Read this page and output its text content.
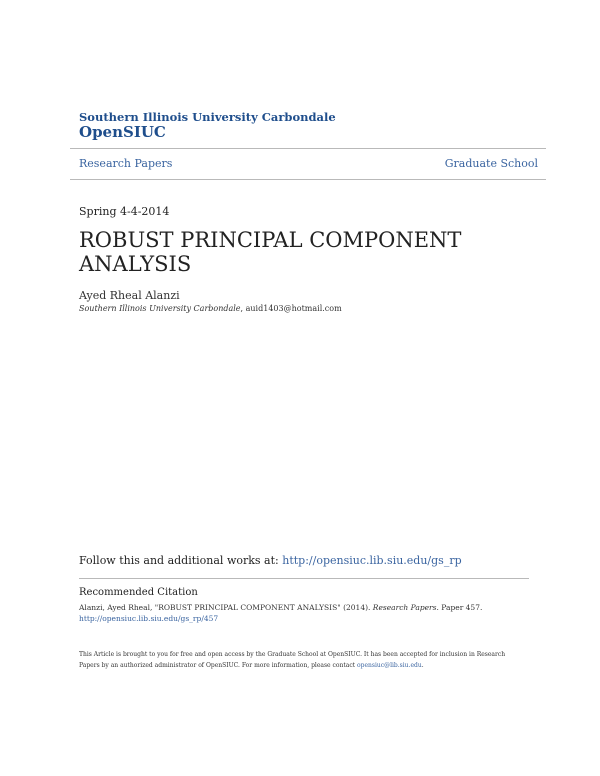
Southern Illinois University Carbondale
OpenSIUC
Research Papers	Graduate School
Spring 4-4-2014
ROBUST PRINCIPAL COMPONENT
ANALYSIS
Ayed Rheal Alanzi
Southern Illinois University Carbondale, auid1403@hotmail.com
Follow this and additional works at: http://opensiuc.lib.siu.edu/gs_rp
Recommended Citation
Alanzi, Ayed Rheal, "ROBUST PRINCIPAL COMPONENT ANALYSIS" (2014). Research Papers. Paper 457.
http://opensiuc.lib.siu.edu/gs_rp/457
This Article is brought to you for free and open access by the Graduate School at OpenSIUC. It has been accepted for inclusion in Research Papers by an authorized administrator of OpenSIUC. For more information, please contact opensiuc@lib.siu.edu.
